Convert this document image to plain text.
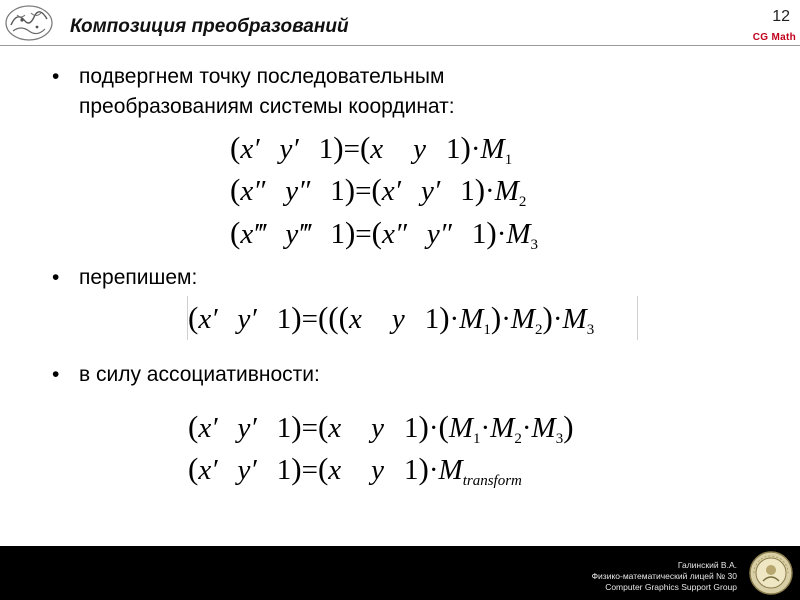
Композиция преобразований	12
CG Math
• подвергнем точку последовательным
преобразованиям системы координат:
(x′ y′ 1)=(x y $1)\cdot M_1$
(x″ y″ 1)=(x′ y′ $1)\cdot M_2$
(x‴ y‴ 1)=(x″ y″ $1)\cdot M_3$
• перепишем:
(x′ y′ 1)=(((x y $1)\cdot M_1)\cdot M_2)\cdot M_3$
• в силу ассоциативности:
(x′ y′ 1)=(x y $1)\cdot(M_1\cdot M_2\cdot M_3)$
(x′ y′ 1)=(x y $1)\cdot M_{transform}$
Галинский В.А.
Физико-математический лицей № 30
Computer Graphics Support Group
